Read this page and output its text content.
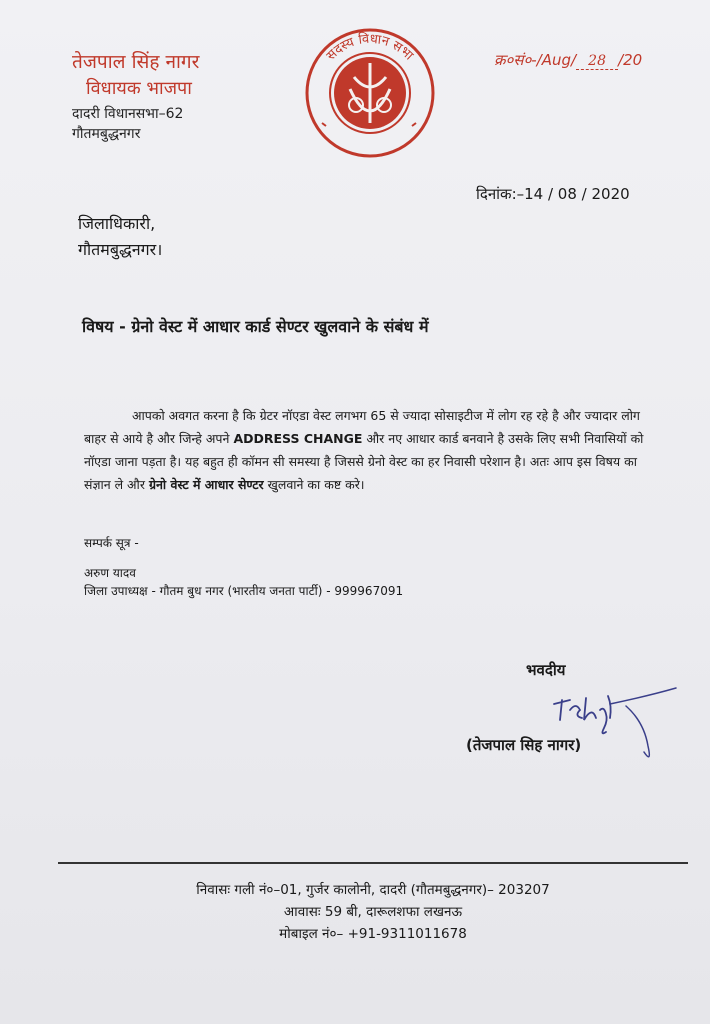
तेजपाल सिंह नागर
विधायक भाजपा
दादरी विधानसभा–62
गौतमबुद्धनगर
सदस्य विधान सभा	क्र०सं०-/Aug/ 28 /20
दिनांक:–14 / 08 / 2020
जिलाधिकारी,
गौतमबुद्धनगर।
विषय - ग्रेनो वेस्ट में आधार कार्ड सेण्टर खुलवाने के संबंध में

आपको अवगत करना है कि ग्रेटर नॉएडा वेस्ट लगभग 65 से ज्यादा सोसाइटीज में लोग रह रहे है और ज्यादार लोग बाहर से आये है और जिन्हे अपने ADDRESS CHANGE और नए आधार कार्ड बनवाने है उसके लिए सभी निवासियों को नॉएडा जाना पड़ता है। यह बहुत ही कॉमन सी समस्या है जिससे ग्रेनो वेस्ट का हर निवासी परेशान है। अतः आप इस विषय का संज्ञान ले और ग्रेनो वेस्ट में आधार सेण्टर खुलवाने का कष्ट करे।

सम्पर्क सूत्र -
अरुण यादव
जिला उपाध्यक्ष - गौतम बुध नगर (भारतीय जनता पार्टी) - 999967091
भवदीय
(तेजपाल सिह नागर)
निवासः गली नं०–01, गुर्जर कालोनी, दादरी (गौतमबुद्धनगर)– 203207
आवासः 59 बी, दारूलशफा लखनऊ
मोबाइल नं०– +91-9311011678
